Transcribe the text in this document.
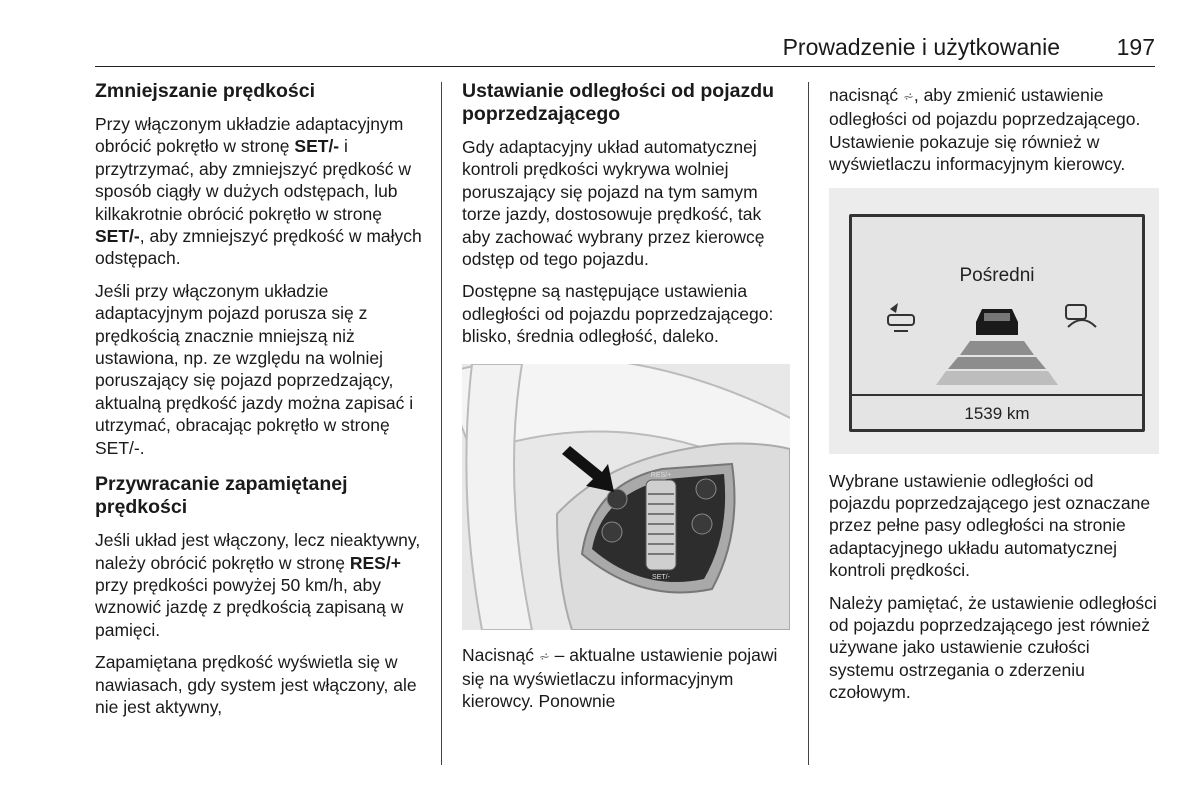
Prowadzenie i użytkowanie 197
Zmniejszanie prędkości

Przy włączonym układzie adaptacyjnym obrócić pokrętło w stronę SET/- i przytrzymać, aby zmniejszyć prędkość w sposób ciągły w dużych odstępach, lub kilkakrotnie obrócić pokrętło w stronę SET/-, aby zmniejszyć prędkość w małych odstępach.

Jeśli przy włączonym układzie adaptacyjnym pojazd porusza się z prędkością znacznie mniejszą niż ustawiona, np. ze względu na wolniej poruszający się pojazd poprzedzający, aktualną prędkość jazdy można zapisać i utrzymać, obracając pokrętło w stronę SET/-.

Przywracanie zapamiętanej prędkości

Jeśli układ jest włączony, lecz nieaktywny, należy obrócić pokrętło w stronę RES/+ przy prędkości powyżej 50 km/h, aby wznowić jazdę z prędkością zapisaną w pamięci.

Zapamiętana prędkość wyświetla się w nawiasach, gdy system jest włączony, ale nie jest aktywny,

Ustawianie odległości od pojazdu poprzedzającego

Gdy adaptacyjny układ automatycznej kontroli prędkości wykrywa wolniej poruszający się pojazd na tym samym torze jazdy, dostosowuje prędkość, tak aby zachować wybrany przez kierowcę odstęp od tego pojazdu.

Dostępne są następujące ustawienia odległości od pojazdu poprzedzającego: blisko, średnia odległość, daleko.

RES/+
SET/-

Nacisnąć ⩫ – aktualne ustawienie pojawi się na wyświetlaczu informacyjnym kierowcy. Ponownie

nacisnąć ⩫, aby zmienić ustawienie odległości od pojazdu poprzedzającego. Ustawienie pokazuje się również w wyświetlaczu informacyjnym kierowcy.

Pośredni
1539 km

Wybrane ustawienie odległości od pojazdu poprzedzającego jest oznaczane przez pełne pasy odległości na stronie adaptacyjnego układu automatycznej kontroli prędkości.

Należy pamiętać, że ustawienie odległości od pojazdu poprzedzającego jest również używane jako ustawienie czułości systemu ostrzegania o zderzeniu czołowym.
